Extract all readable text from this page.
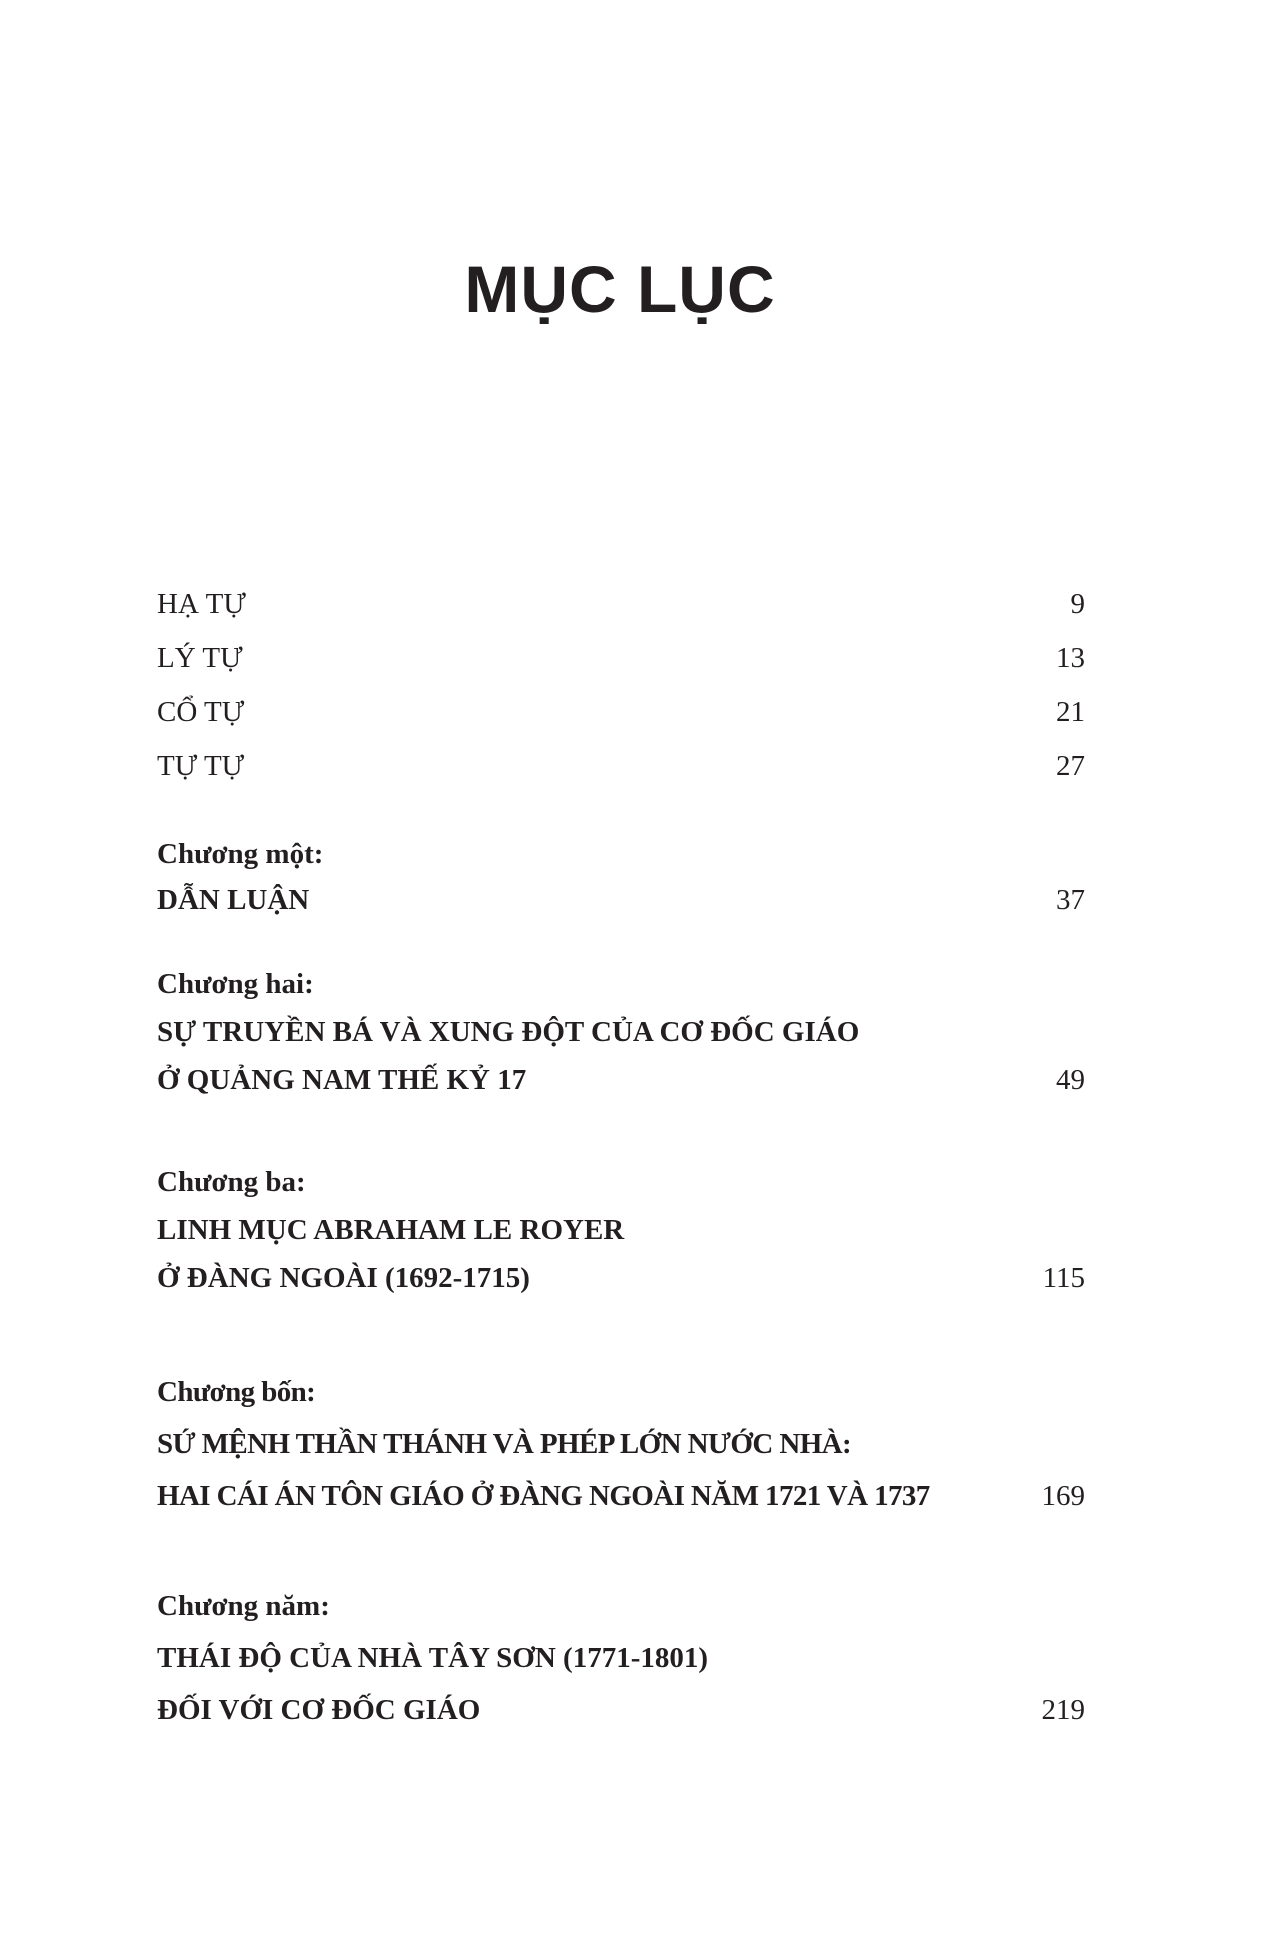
MỤC LỤC
HẠ TỰ	9
LÝ TỰ	13
CỔ TỰ	21
TỰ TỰ	27
Chương một:
DẪN LUẬN	37
Chương hai:
SỰ TRUYỀN BÁ VÀ XUNG ĐỘT CỦA CƠ ĐỐC GIÁO
Ở QUẢNG NAM THẾ KỶ 17	49
Chương ba:
LINH MỤC ABRAHAM LE ROYER
Ở ĐÀNG NGOÀI (1692-1715)	115
Chương bốn:
SỨ MỆNH THẦN THÁNH VÀ PHÉP LỚN NƯỚC NHÀ:
HAI CÁI ÁN TÔN GIÁO Ở ĐÀNG NGOÀI NĂM 1721 VÀ 1737	169
Chương năm:
THÁI ĐỘ CỦA NHÀ TÂY SƠN (1771-1801)
ĐỐI VỚI CƠ ĐỐC GIÁO	219
